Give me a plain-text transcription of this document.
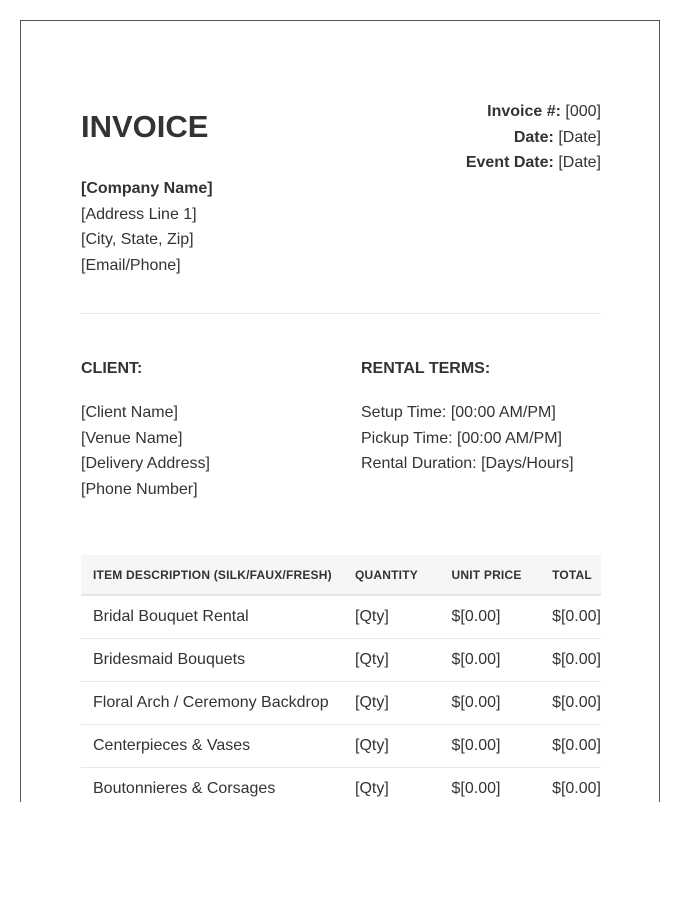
INVOICE	Invoice #: [000]
Date: [Date]
Event Date: [Date]
[Company Name]
[Address Line 1]
[City, State, Zip]
[Email/Phone]
CLIENT:
[Client Name]
[Venue Name]
[Delivery Address]
[Phone Number]
RENTAL TERMS:
Setup Time: [00:00 AM/PM]
Pickup Time: [00:00 AM/PM]
Rental Duration: [Days/Hours]
ITEM DESCRIPTION (SILK/FAUX/FRESH)	QUANTITY	UNIT PRICE	TOTAL
Bridal Bouquet Rental	[Qty]	$[0.00]	$[0.00]
Bridesmaid Bouquets	[Qty]	$[0.00]	$[0.00]
Floral Arch / Ceremony Backdrop	[Qty]	$[0.00]	$[0.00]
Centerpieces & Vases	[Qty]	$[0.00]	$[0.00]
Boutonnieres & Corsages	[Qty]	$[0.00]	$[0.00]
